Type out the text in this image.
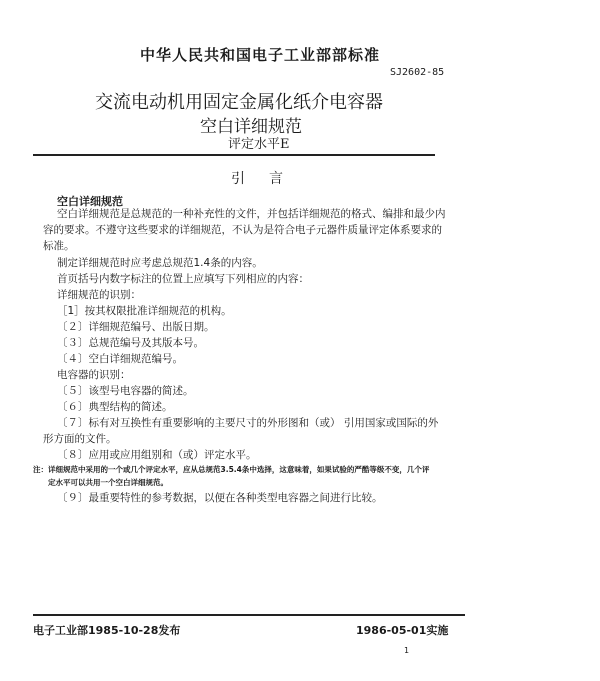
中华人民共和国电子工业部部标准
SJ2602-85
交流电动机用固定金属化纸介电容器
空白详细规范
评定水平E
引言
空白详细规范
空白详细规范是总规范的一种补充性的文件，并包括详细规范的格式、编排和最少内容的要求。不遵守这些要求的详细规范，不认为是符合电子元器件质量评定体系要求的标准。
制定详细规范时应考虑总规范1.4条的内容。
首页括号内数字标注的位置上应填写下列相应的内容：
详细规范的识别：
［1］按其权限批准详细规范的机构。
〔２〕详细规范编号、出版日期。
〔３〕总规范编号及其版本号。
〔４〕空白详细规范编号。
电容器的识别：
〔５〕该型号电容器的简述。
〔６〕典型结构的简述。
〔７〕标有对互换性有重要影响的主要尺寸的外形图和（或） 引用国家或国际的外
形方面的文件。
〔８〕应用或应用组别和（或）评定水平。
注：详细规范中采用的一个或几个评定水平，应从总规范3.5.4条中选择，这意味着，如果试验的严酷等级不变，几个评
定水平可以共用一个空白详细规范。
〔９〕最重要特性的参考数据，以便在各种类型电容器之间进行比较。
电子工业部1985-10-28发布	1986-05-01实施
1
